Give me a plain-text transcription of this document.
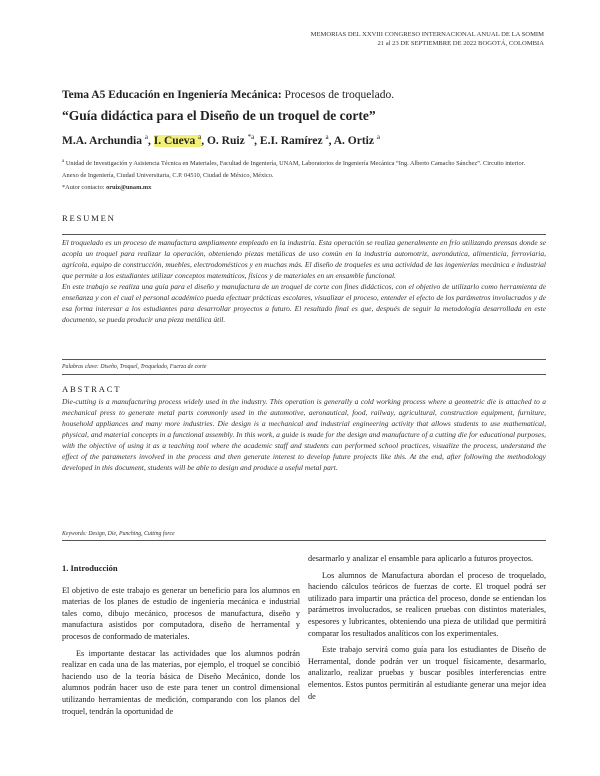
MEMORIAS DEL XXVIII CONGRESO INTERNACIONAL ANUAL DE LA SOMIM
21 al 23 DE SEPTIEMBRE DE 2022 BOGOTÁ, COLOMBIA
Tema A5 Educación en Ingeniería Mecánica: Procesos de troquelado.
“Guía didáctica para el Diseño de un troquel de corte”
M.A. Archundia $^a$, I. Cueva $^a$, O. Ruiz $^{*a}$, E.I. Ramírez $^a$, A. Ortiz $^a$
$^a$ Unidad de Investigación y Asistencia Técnica en Materiales, Facultad de Ingeniería, UNAM, Laboratorios de Ingeniería Mecánica “Ing. Alberto Camacho Sánchez”. Circuito interior. Anexo de Ingeniería, Ciudad Universitaria, C.P. 04510, Ciudad de México, México.
*Autor contacto: oruiz@unam.mx
RESUMEN

El troquelado es un proceso de manufactura ampliamente empleado en la industria. Esta operación se realiza generalmente en frío utilizando prensas donde se acopla un troquel para realizar la operación, obteniendo piezas metálicas de uso común en la industria automotriz, aeronáutica, alimenticia, ferroviaria, agrícola, equipo de construcción, muebles, electrodomésticos y en muchas más. El diseño de troqueles es una actividad de las ingenierías mecánica e industrial que permite a los estudiantes utilizar conceptos matemáticos, físicos y de materiales en un ensamble funcional.

En este trabajo se realiza una guía para el diseño y manufactura de un troquel de corte con fines didácticos, con el objetivo de utilizarlo como herramienta de enseñanza y con el cual el personal académico pueda efectuar prácticas escolares, visualizar el proceso, entender el efecto de los parámetros involucrados y de esa forma interesar a los estudiantes para desarrollar proyectos a futuro. El resultado final es que, después de seguir la metodología desarrollada en este documento, se pueda producir una pieza metálica útil.

Palabras clave: Diseño, Troquel, Troquelado, Fuerza de corte
ABSTRACT
Die-cutting is a manufacturing process widely used in the industry. This operation is generally a cold working process where a geometric die is attached to a mechanical press to generate metal parts commonly used in the automotive, aeronautical, food, railway, agricultural, construction equipment, furniture, household appliances and many more industries. Die design is a mechanical and industrial engineering activity that allows students to use mathematical, physical, and material concepts in a functional assembly. In this work, a guide is made for the design and manufacture of a cutting die for educational purposes, with the objective of using it as a teaching tool where the academic staff and students can performed school practices, visualize the process, understand the effect of the parameters involved in the process and then generate interest to develop future projects like this. At the end, after following the methodology developed in this document, students will be able to design and produce a useful metal part.
Keywords: Design, Die, Punching, Cutting force
1. Introducción

El objetivo de este trabajo es generar un beneficio para los alumnos en materias de los planes de estudio de ingeniería mecánica e industrial tales como, dibujo mecánico, procesos de manufactura, diseño y manufactura asistidos por computadora, diseño de herramental y procesos de conformado de materiales.

Es importante destacar las actividades que los alumnos podrán realizar en cada una de las materias, por ejemplo, el troquel se concibió haciendo uso de la teoría básica de Diseño Mecánico, donde los alumnos podrán hacer uso de este para tener un control dimensional utilizando herramientas de medición, comparando con los planos del troquel, tendrán la oportunidad de

desarmarlo y analizar el ensamble para aplicarlo a futuros proyectos.

Los alumnos de Manufactura abordan el proceso de troquelado, haciendo cálculos teóricos de fuerzas de corte. El troquel podrá ser utilizado para impartir una práctica del proceso, donde se entiendan los parámetros involucrados, se realicen pruebas con distintos materiales, espesores y lubricantes, obteniendo una pieza de utilidad que permitirá comparar los resultados analíticos con los experimentales.

Este trabajo servirá como guía para los estudiantes de Diseño de Herramental, donde podrán ver un troquel físicamente, desarmarlo, analizarlo, realizar pruebas y buscar posibles interferencias entre elementos. Estos puntos permitirán al estudiante generar una mejor idea de
